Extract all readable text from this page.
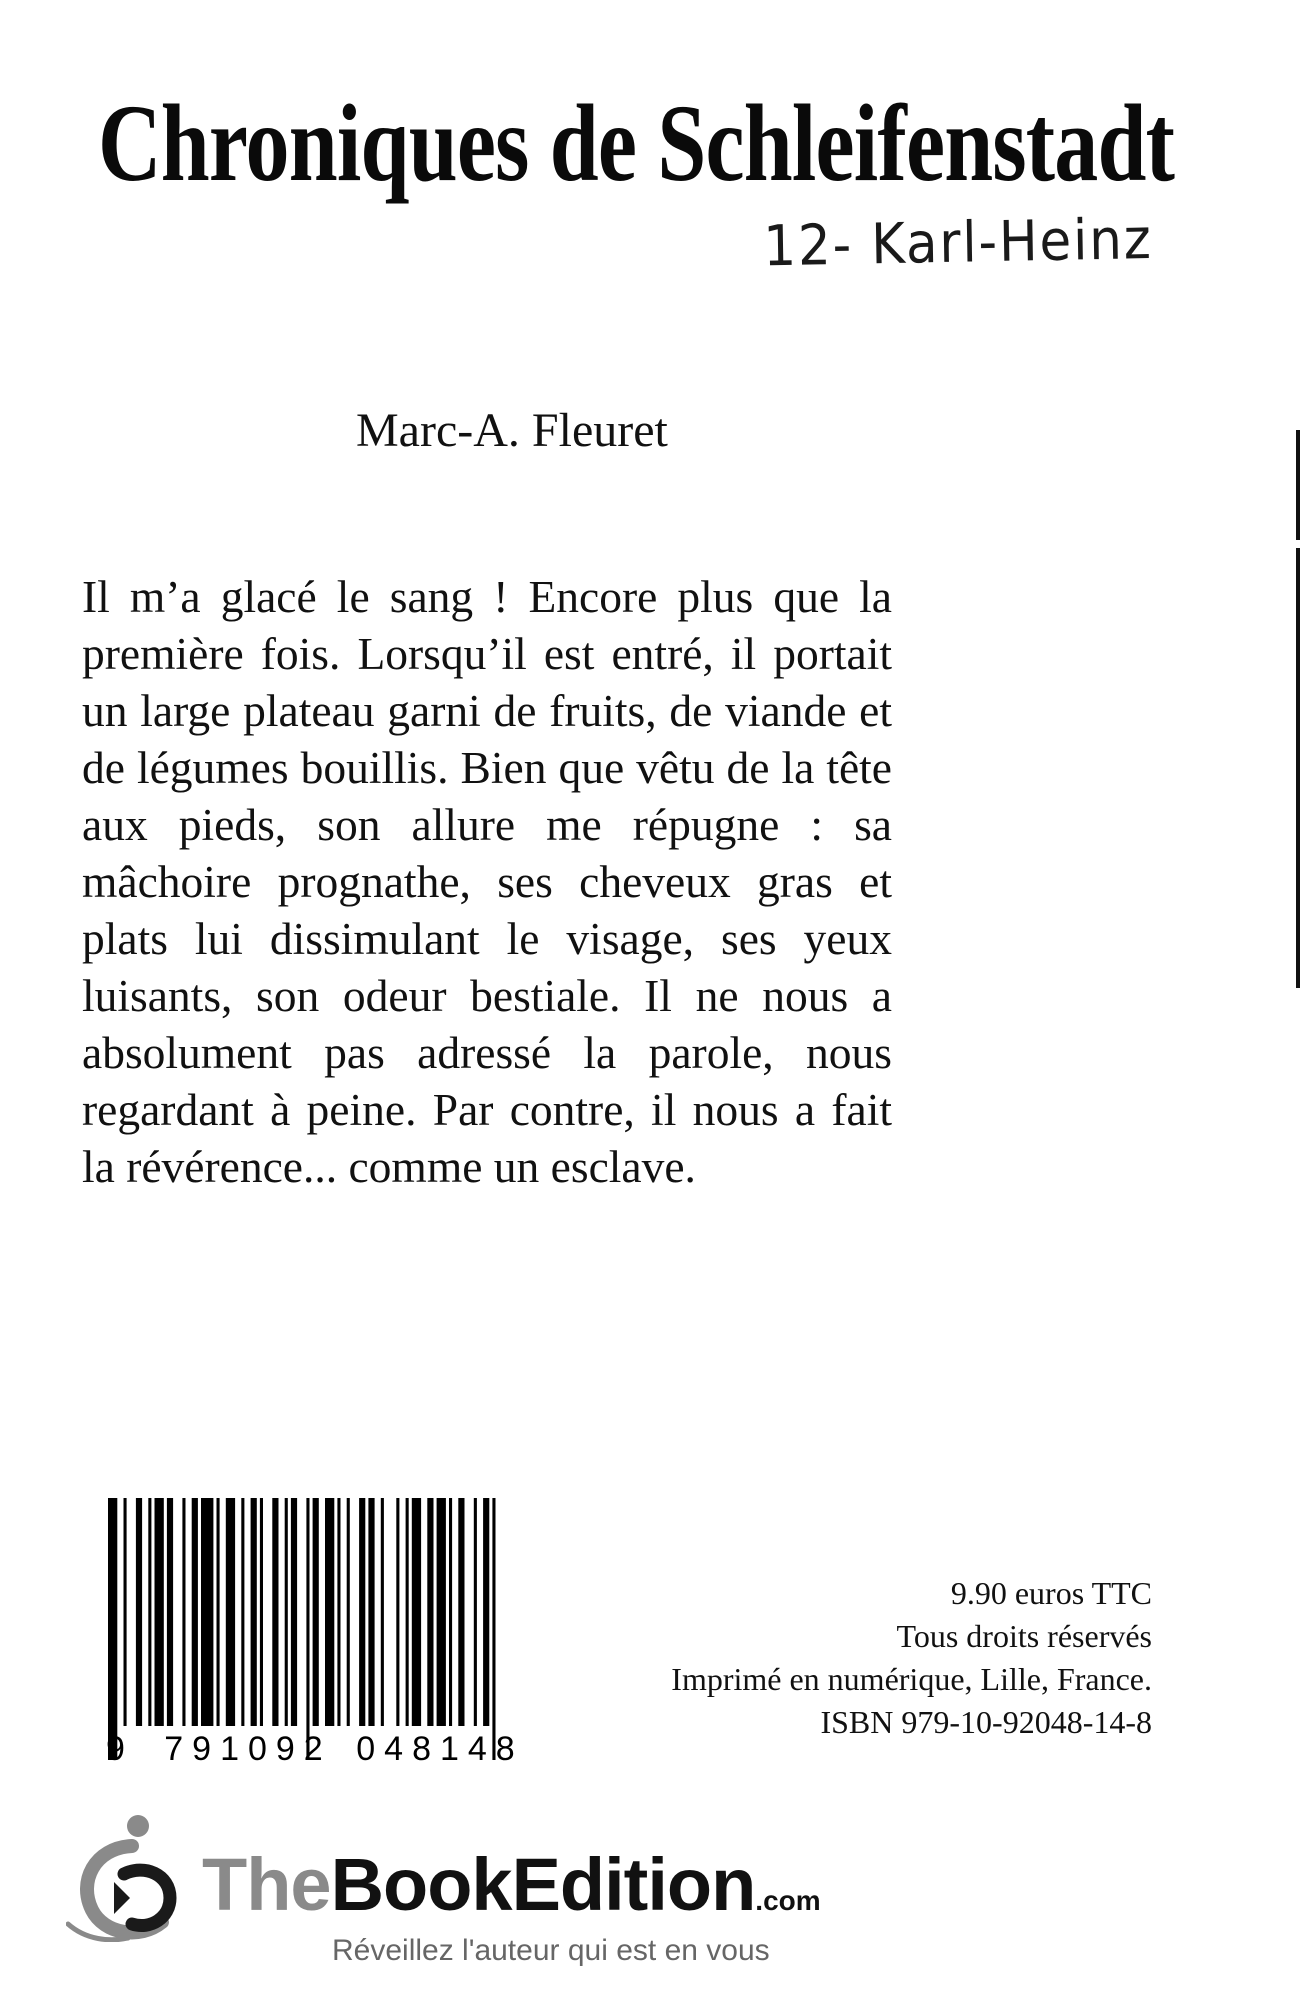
Chroniques de Schleifenstadt
12- Karl-Heinz

Marc-A. Fleuret

Il m’a glacé le sang ! Encore plus que la première fois. Lorsqu’il est entré, il portait un large plateau garni de fruits, de viande et de légumes bouillis. Bien que vêtu de la tête aux pieds, son allure me répugne : sa mâchoire prognathe, ses cheveux gras et plats lui dissimulant le visage, ses yeux luisants, son odeur bestiale. Il ne nous a absolument pas adressé la parole, nous regardant à peine. Par contre, il nous a fait la révérence... comme un esclave.

9 791092 048148
9.90 euros TTC
Tous droits réservés
Imprimé en numérique, Lille, France.
ISBN 979-10-92048-14-8
TheBookEdition.com
Réveillez l'auteur qui est en vous
